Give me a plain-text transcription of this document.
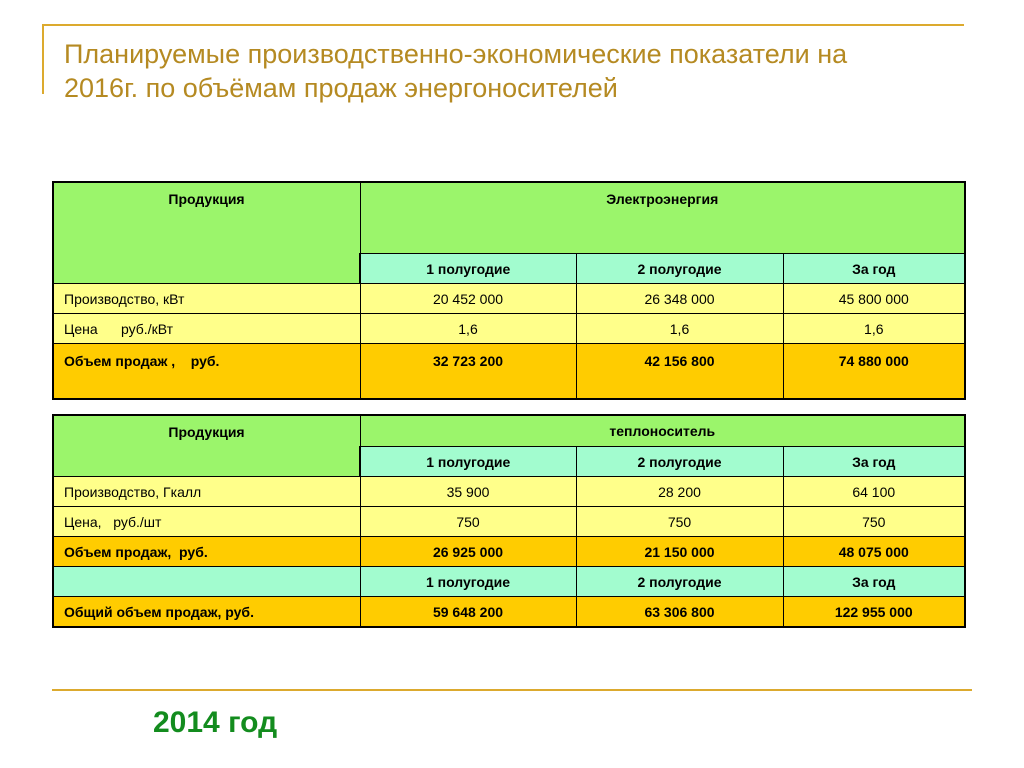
Планируемые производственно-экономические показатели на
2016г. по объёмам продаж энергоносителей
Продукция	Электроэнергия		
	1 полугодие	2 полугодие	За год
Производство, кВт	20 452 000	26 348 000	45 800 000
Цена      руб./кВт	1,6	1,6	1,6
Объем продаж ,    руб.	32 723 200	42 156 800	74 880 000
Продукция	теплоноситель		
	1 полугодие	2 полугодие	За год
Производство, Гкалл	35 900	28 200	64 100
Цена,   руб./шт	750	750	750
Объем продаж,  руб.	26 925 000	21 150 000	48 075 000
	1 полугодие	2 полугодие	За год
Общий объем продаж, руб.	59 648 200	63 306 800	122 955 000
2014 год
